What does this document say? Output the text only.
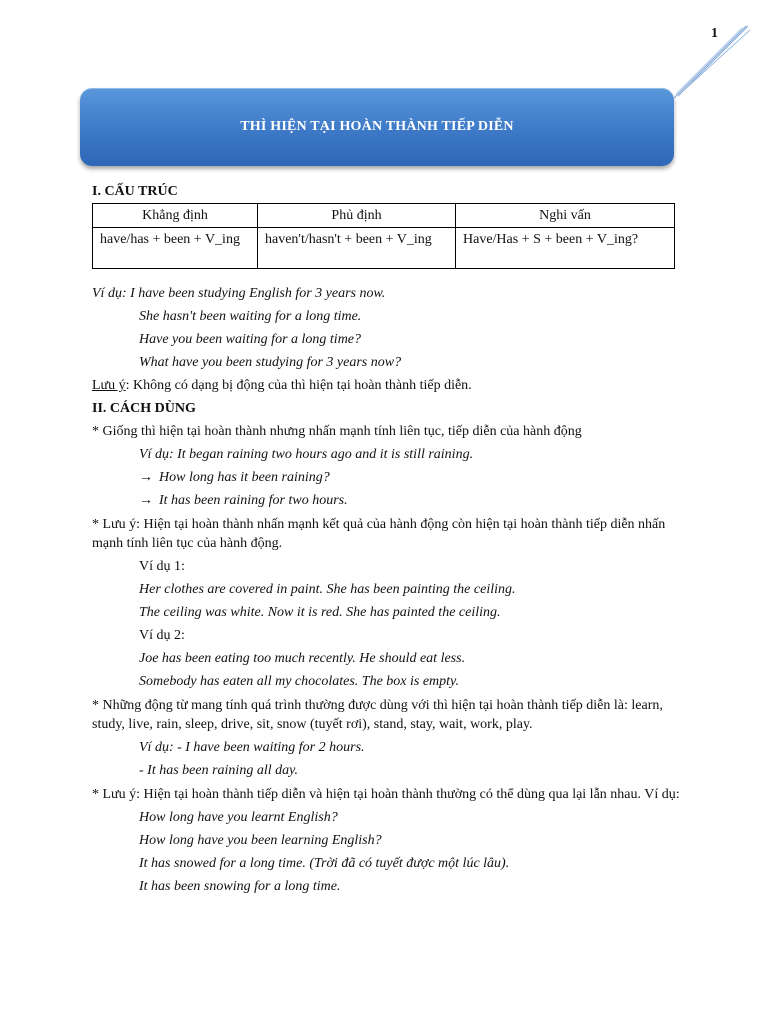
1
THÌ HIỆN TẠI HOÀN THÀNH TIẾP DIỄN
I. CẤU TRÚC
Khẳng định	Phủ định	Nghi vấn
have/has + been + V_ing	haven't/hasn't + been + V_ing	Have/Has + S + been + V_ing?
Ví dụ: I have been studying English for 3 years now.
She hasn't been waiting for a long time.
Have you been waiting for a long time?
What have you been studying for 3 years now?
Lưu ý: Không có dạng bị động của thì hiện tại hoàn thành tiếp diễn.
II. CÁCH DÙNG
* Giống thì hiện tại hoàn thành nhưng nhấn mạnh tính liên tục, tiếp diễn của hành động
Ví dụ: It began raining two hours ago and it is still raining.
→ How long has it been raining?
→ It has been raining for two hours.
* Lưu ý: Hiện tại hoàn thành nhấn mạnh kết quả của hành động còn hiện tại hoàn thành tiếp diễn nhấn mạnh tính liên tục của hành động.
Ví dụ 1:
Her clothes are covered in paint. She has been painting the ceiling.
The ceiling was white. Now it is red. She has painted the ceiling.
Ví dụ 2:
Joe has been eating too much recently. He should eat less.
Somebody has eaten all my chocolates. The box is empty.
* Những động từ mang tính quá trình thường được dùng với thì hiện tại hoàn thành tiếp diễn là: learn, study, live, rain, sleep, drive, sit, snow (tuyết rơi), stand, stay, wait, work, play.
Ví dụ: - I have been waiting for 2 hours.
- It has been raining all day.
* Lưu ý: Hiện tại hoàn thành tiếp diễn và hiện tại hoàn thành thường có thể dùng qua lại lẫn nhau. Ví dụ:
How long have you learnt English?
How long have you been learning English?
It has snowed for a long time. (Trời đã có tuyết được một lúc lâu).
It has been snowing for a long time.
